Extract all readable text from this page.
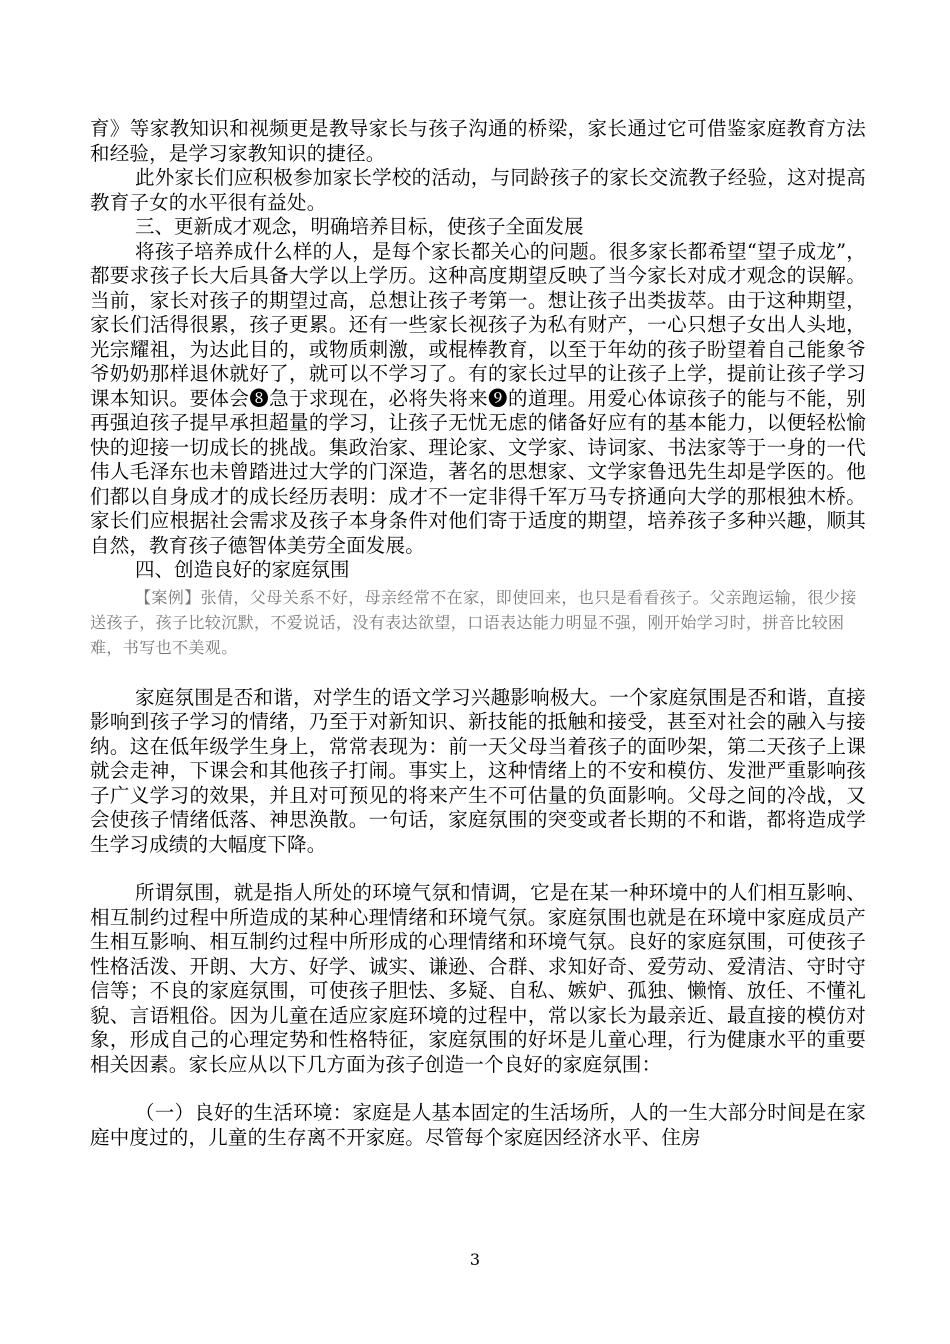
育》等家教知识和视频更是教导家长与孩子沟通的桥梁，家长通过它可借鉴家庭教育方法和经验，是学习家教知识的捷径。

此外家长们应积极参加家长学校的活动，与同龄孩子的家长交流教子经验，这对提高教育子女的水平很有益处。

三、更新成才观念，明确培养目标，使孩子全面发展

将孩子培养成什么样的人，是每个家长都关心的问题。很多家长都希望“望子成龙”，都要求孩子长大后具备大学以上学历。这种高度期望反映了当今家长对成才观念的误解。当前，家长对孩子的期望过高，总想让孩子考第一。想让孩子出类拔萃。由于这种期望，家长们活得很累，孩子更累。还有一些家长视孩子为私有财产，一心只想子女出人头地，光宗耀祖，为达此目的，或物质刺激，或棍棒教育，以至于年幼的孩子盼望着自己能象爷爷奶奶那样退休就好了，就可以不学习了。有的家长过早的让孩子上学，提前让孩子学习课本知识。要体会❽急于求现在，必将失将来❾的道理。用爱心体谅孩子的能与不能，别再强迫孩子提早承担超量的学习，让孩子无忧无虑的储备好应有的基本能力，以便轻松愉快的迎接一切成长的挑战。集政治家、理论家、文学家、诗词家、书法家等于一身的一代伟人毛泽东也未曾踏进过大学的门深造，著名的思想家、文学家鲁迅先生却是学医的。他们都以自身成才的成长经历表明：成才不一定非得千军万马专挤通向大学的那根独木桥。家长们应根据社会需求及孩子本身条件对他们寄于适度的期望，培养孩子多种兴趣，顺其自然，教育孩子德智体美劳全面发展。

四、创造良好的家庭氛围

【案例】张倩，父母关系不好，母亲经常不在家，即使回来，也只是看看孩子。父亲跑运输，很少接送孩子，孩子比较沉默，不爱说话，没有表达欲望，口语表达能力明显不强，刚开始学习时，拼音比较困难，书写也不美观。

家庭氛围是否和谐，对学生的语文学习兴趣影响极大。一个家庭氛围是否和谐，直接影响到孩子学习的情绪，乃至于对新知识、新技能的抵触和接受，甚至对社会的融入与接纳。这在低年级学生身上，常常表现为：前一天父母当着孩子的面吵架，第二天孩子上课就会走神，下课会和其他孩子打闹。事实上，这种情绪上的不安和模仿、发泄严重影响孩子广义学习的效果，并且对可预见的将来产生不可估量的负面影响。父母之间的冷战，又会使孩子情绪低落、神思涣散。一句话，家庭氛围的突变或者长期的不和谐，都将造成学生学习成绩的大幅度下降。

所谓氛围，就是指人所处的环境气氛和情调，它是在某一种环境中的人们相互影响、相互制约过程中所造成的某种心理情绪和环境气氛。家庭氛围也就是在环境中家庭成员产生相互影响、相互制约过程中所形成的心理情绪和环境气氛。良好的家庭氛围，可使孩子性格活泼、开朗、大方、好学、诚实、谦逊、合群、求知好奇、爱劳动、爱清洁、守时守信等；不良的家庭氛围，可使孩子胆怯、多疑、自私、嫉妒、孤独、懒惰、放任、不懂礼貌、言语粗俗。因为儿童在适应家庭环境的过程中，常以家长为最亲近、最直接的模仿对象，形成自己的心理定势和性格特征，家庭氛围的好坏是儿童心理，行为健康水平的重要相关因素。家长应从以下几方面为孩子创造一个良好的家庭氛围：

（一）良好的生活环境：家庭是人基本固定的生活场所，人的一生大部分时间是在家庭中度过的，儿童的生存离不开家庭。尽管每个家庭因经济水平、住房

3
